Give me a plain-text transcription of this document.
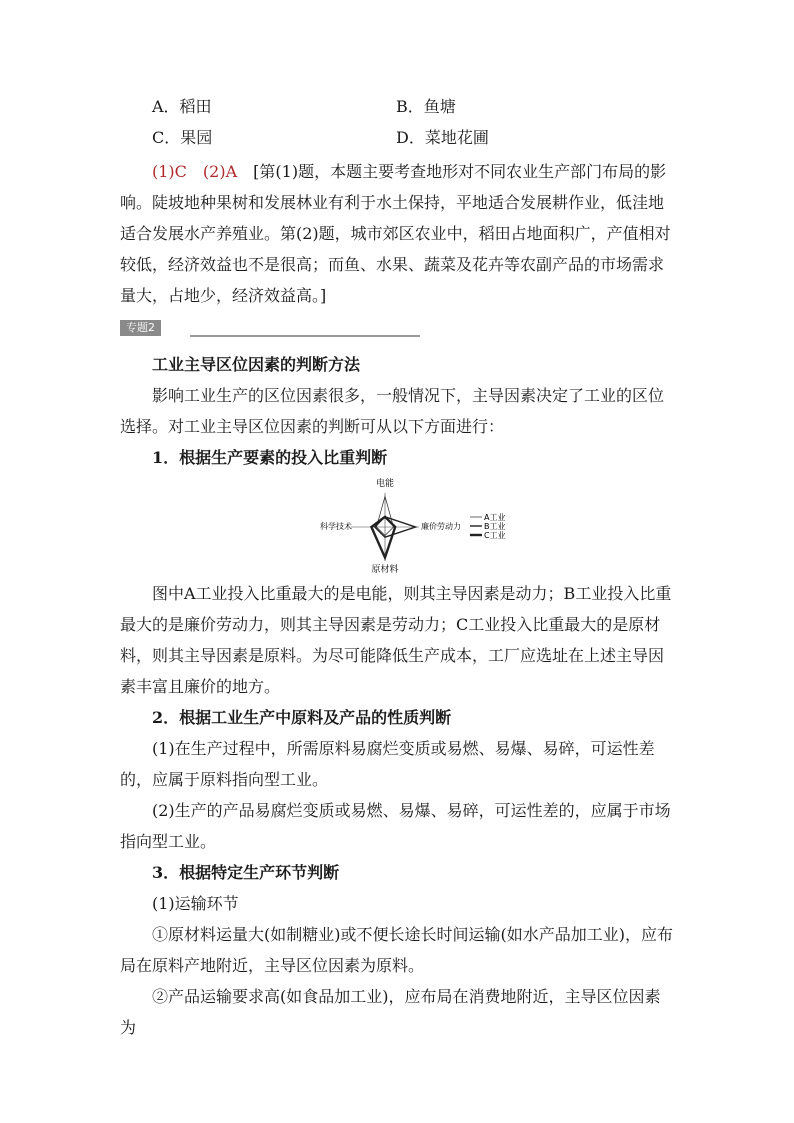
A．稻田	B．鱼塘
C．果园	D．菜地花圃

(1)C　(2)A　 [第(1)题，本题主要考查地形对不同农业生产部门布局的影响。陡坡地种果树和发展林业有利于水土保持，平地适合发展耕作业，低洼地适合发展水产养殖业。第(2)题，城市郊区农业中，稻田占地面积广，产值相对较低，经济效益也不是很高；而鱼、水果、蔬菜及花卉等农副产品的市场需求量大，占地少，经济效益高。]

专题2

工业主导区位因素的判断方法

影响工业生产的区位因素很多，一般情况下，主导因素决定了工业的区位选择。对工业主导区位因素的判断可从以下方面进行：

1．根据生产要素的投入比重判断

电能
廉价劳动力
原材料
科学技术
A工业
B工业
C工业

图中A工业投入比重最大的是电能，则其主导因素是动力；B工业投入比重最大的是廉价劳动力，则其主导因素是劳动力；C工业投入比重最大的是原材料，则其主导因素是原料。为尽可能降低生产成本，工厂应选址在上述主导因素丰富且廉价的地方。

2．根据工业生产中原料及产品的性质判断

(1)在生产过程中，所需原料易腐烂变质或易燃、易爆、易碎，可运性差的，应属于原料指向型工业。

(2)生产的产品易腐烂变质或易燃、易爆、易碎，可运性差的，应属于市场指向型工业。

3．根据特定生产环节判断

(1)运输环节

①原材料运量大(如制糖业)或不便长途长时间运输(如水产品加工业)，应布局在原料产地附近，主导区位因素为原料。

②产品运输要求高(如食品加工业)，应布局在消费地附近，主导区位因素为
